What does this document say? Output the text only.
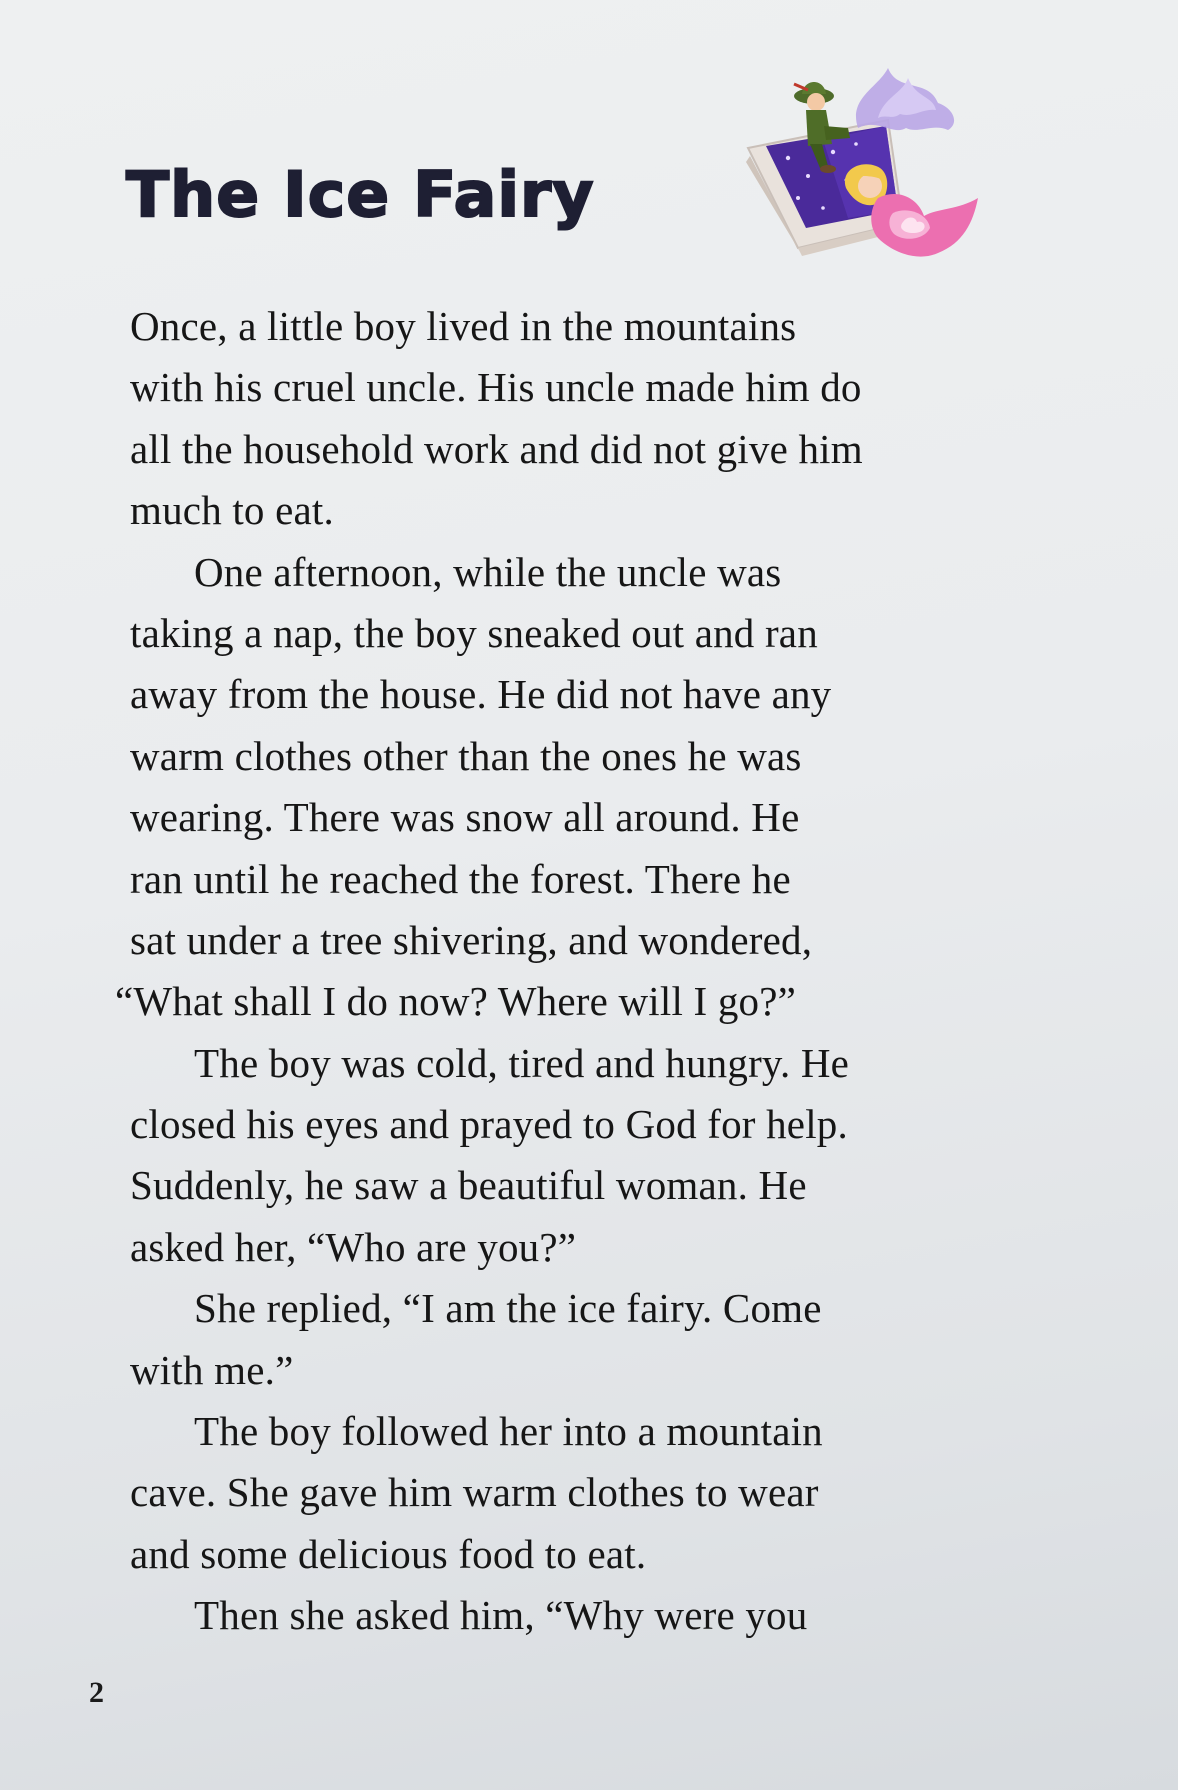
The Ice Fairy
Once, a little boy lived in the mountains
with his cruel uncle. His uncle made him do
all the household work and did not give him
much to eat.
One afternoon, while the uncle was
taking a nap, the boy sneaked out and ran
away from the house. He did not have any
warm clothes other than the ones he was
wearing. There was snow all around. He
ran until he reached the forest. There he
sat under a tree shivering, and wondered,
“What shall I do now? Where will I go?”
The boy was cold, tired and hungry. He
closed his eyes and prayed to God for help.
Suddenly, he saw a beautiful woman. He
asked her, “Who are you?”
She replied, “I am the ice fairy. Come
with me.”
The boy followed her into a mountain
cave. She gave him warm clothes to wear
and some delicious food to eat.
Then she asked him, “Why were you
2
